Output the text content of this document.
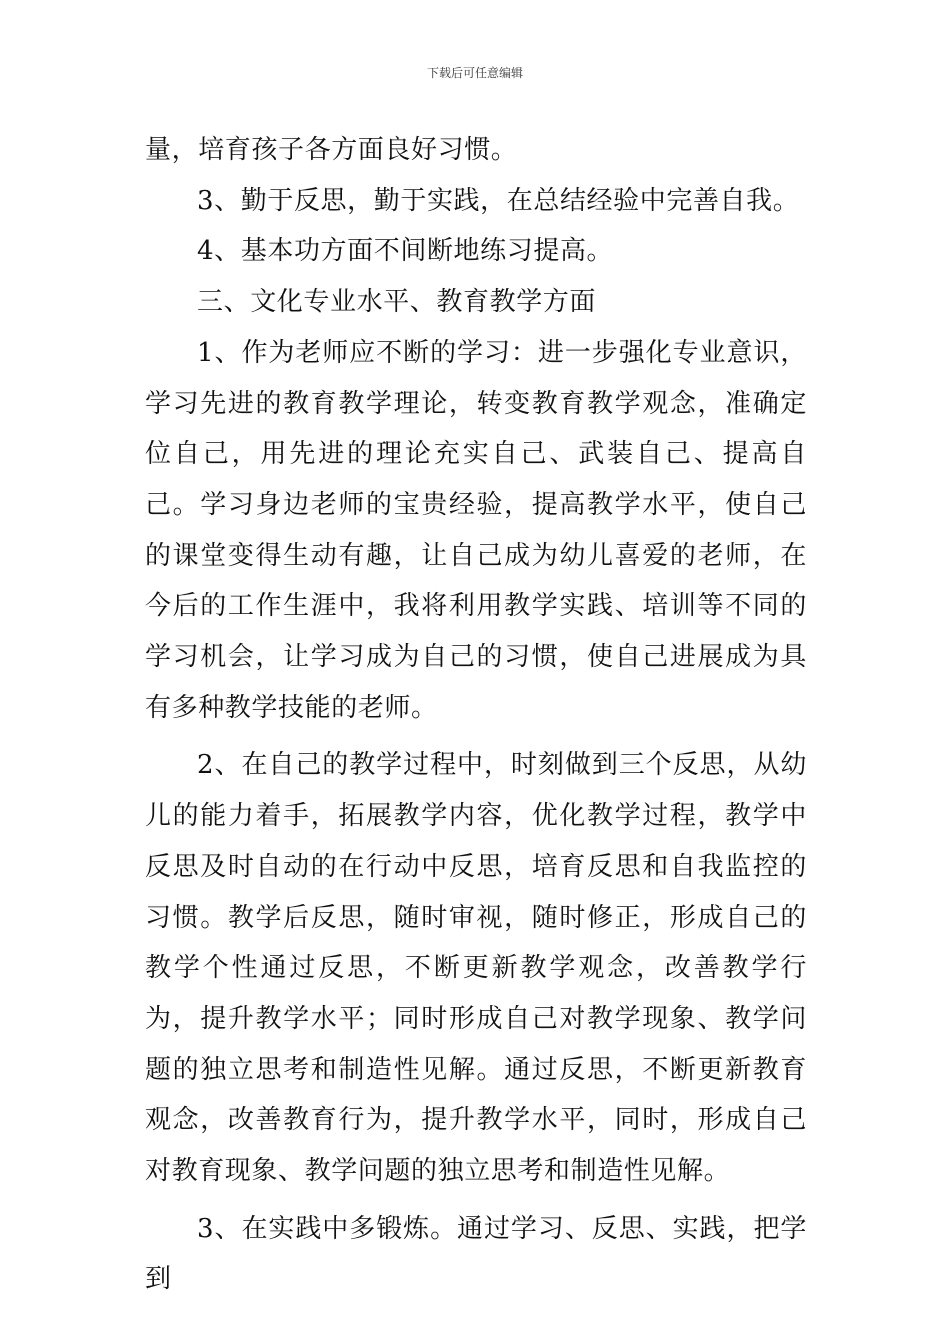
下载后可任意编辑

量，培育孩子各方面良好习惯。

3、勤于反思，勤于实践，在总结经验中完善自我。

4、基本功方面不间断地练习提高。

三、文化专业水平、教育教学方面

1、作为老师应不断的学习：进一步强化专业意识，学习先进的教育教学理论，转变教育教学观念，准确定位自己，用先进的理论充实自己、武装自己、提高自己。学习身边老师的宝贵经验，提高教学水平，使自己的课堂变得生动有趣，让自己成为幼儿喜爱的老师，在今后的工作生涯中，我将利用教学实践、培训等不同的学习机会，让学习成为自己的习惯，使自己进展成为具有多种教学技能的老师。

2、在自己的教学过程中，时刻做到三个反思，从幼儿的能力着手，拓展教学内容，优化教学过程，教学中反思及时自动的在行动中反思，培育反思和自我监控的习惯。教学后反思，随时审视，随时修正，形成自己的教学个性通过反思，不断更新教学观念，改善教学行为，提升教学水平；同时形成自己对教学现象、教学问题的独立思考和制造性见解。通过反思，不断更新教育观念，改善教育行为，提升教学水平，同时，形成自己对教育现象、教学问题的独立思考和制造性见解。

3、在实践中多锻炼。通过学习、反思、实践，把学到
